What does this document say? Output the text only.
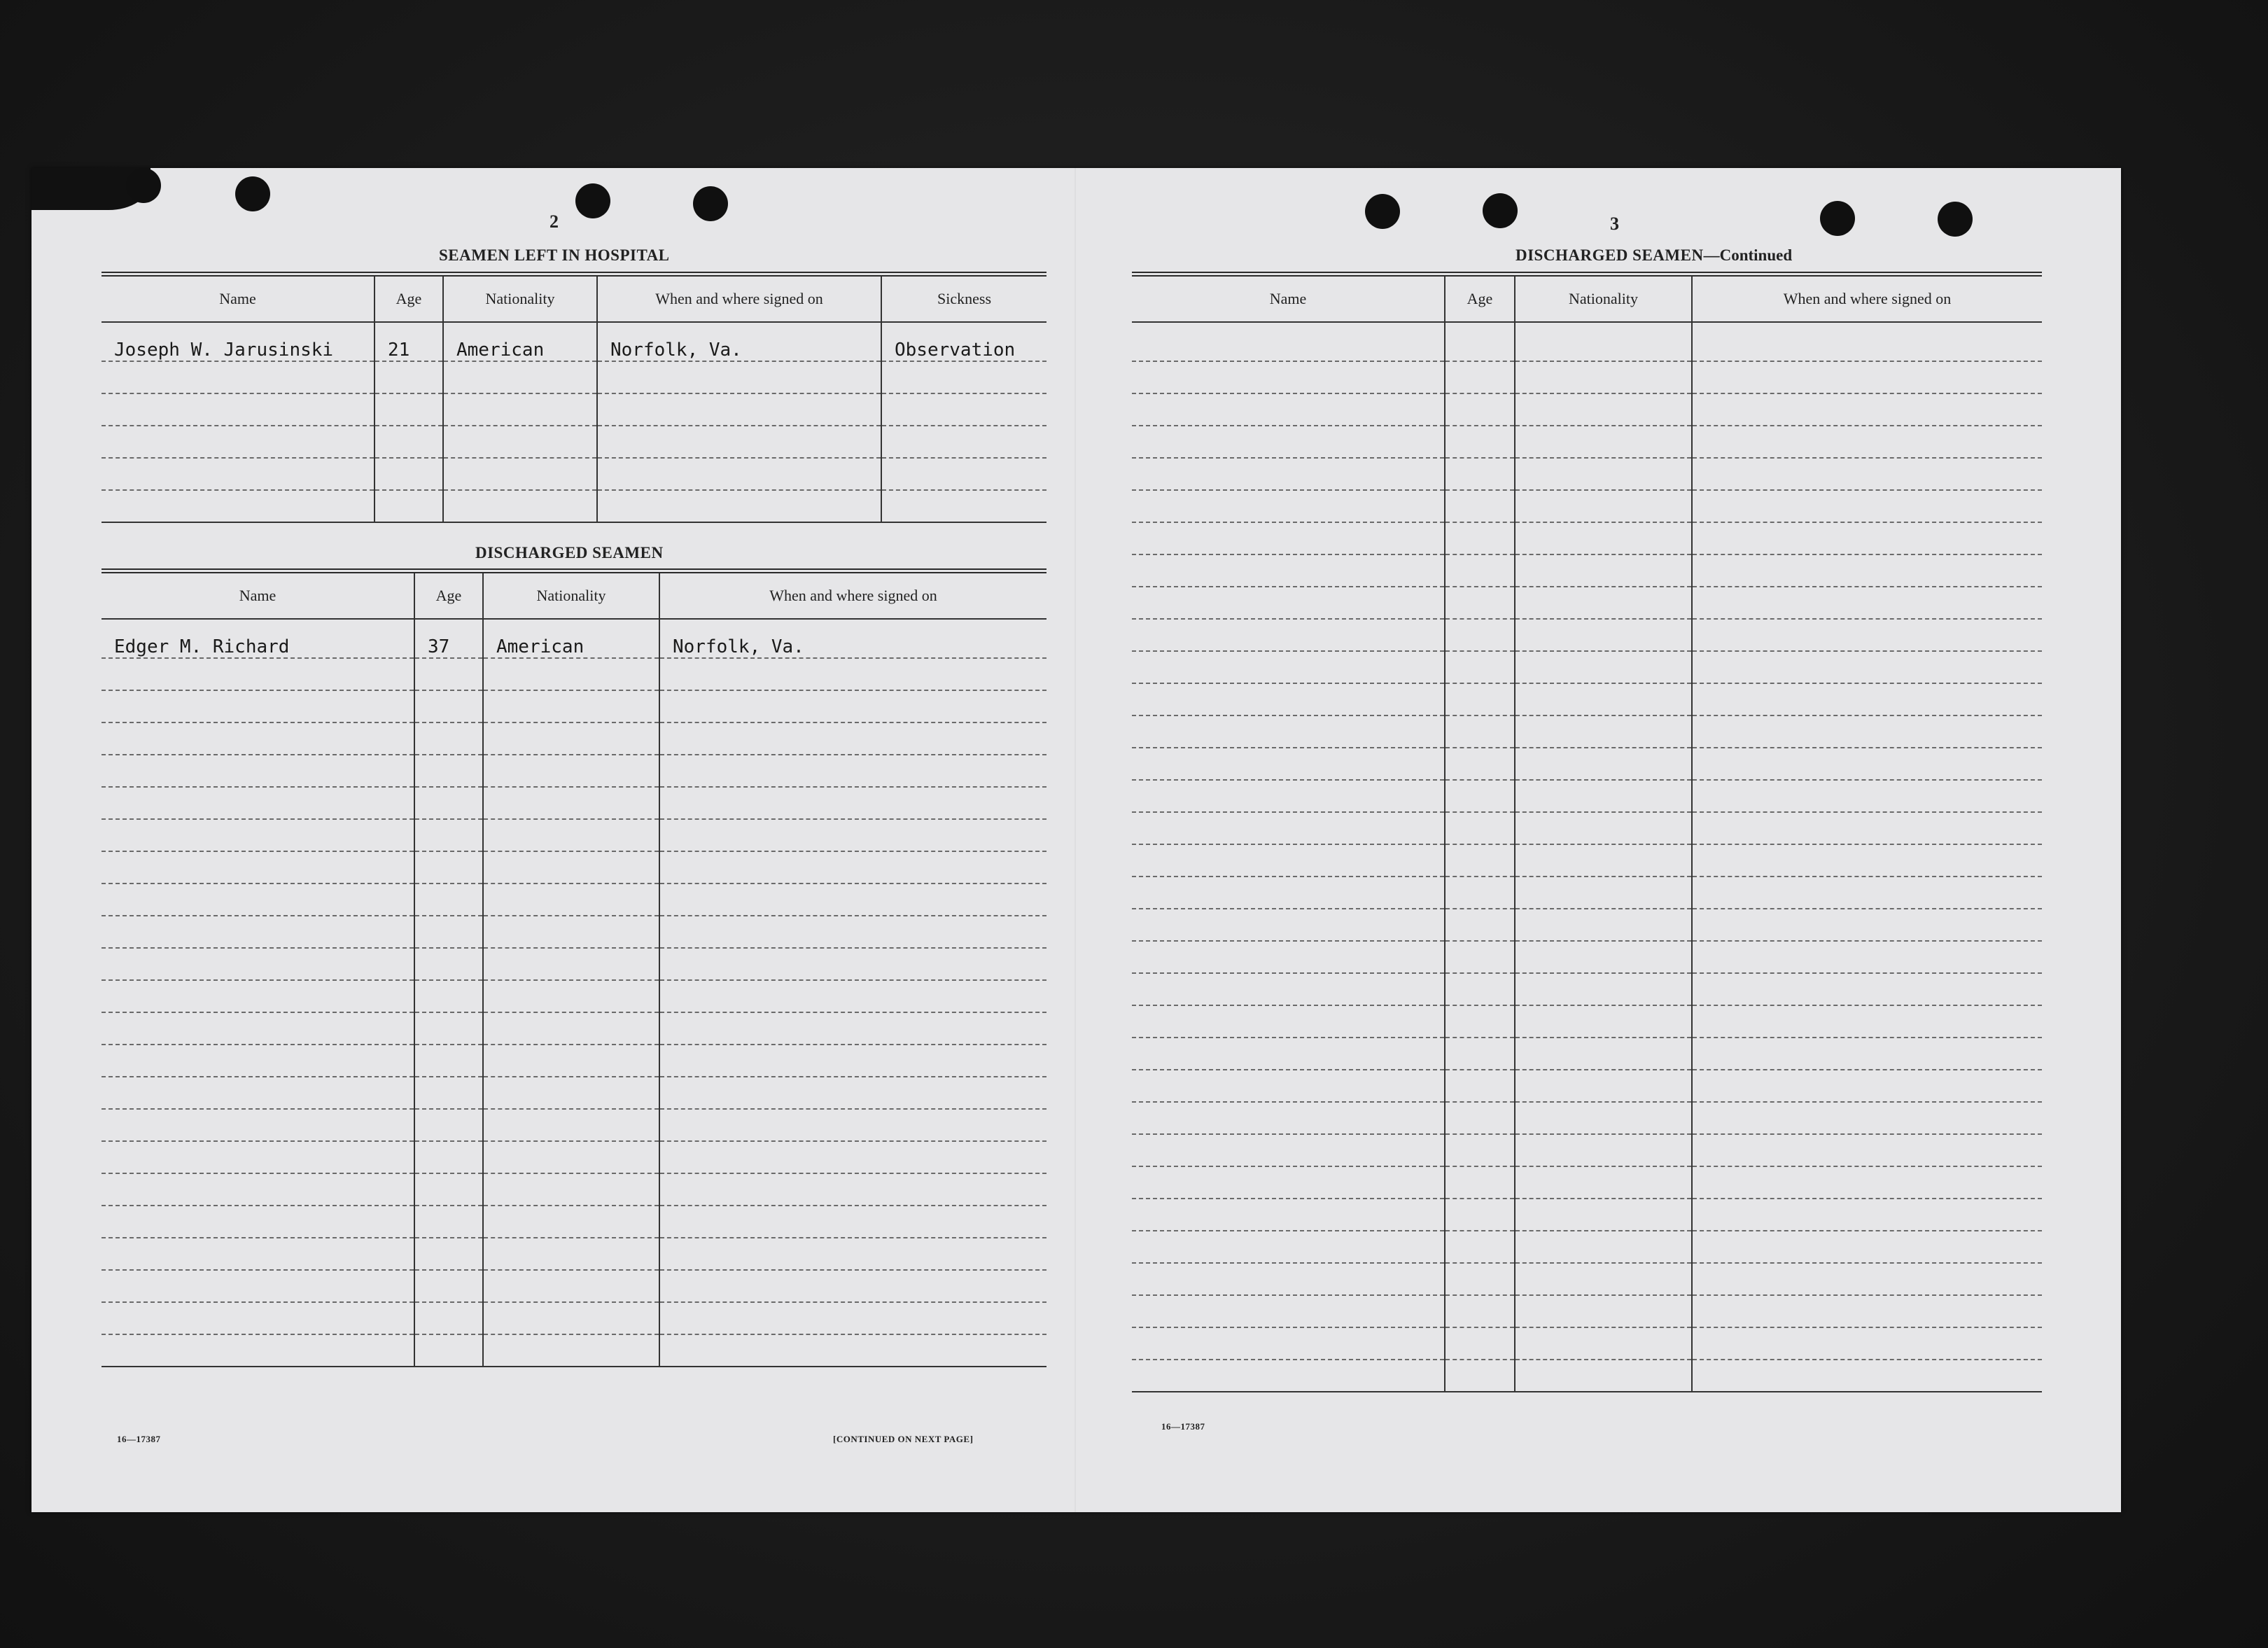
2
SEAMEN LEFT IN HOSPITAL
Name	Age	Nationality	When and where signed on	Sickness
Joseph W. Jarusinski	21	American	Norfolk, Va.	Observation

DISCHARGED SEAMEN
Name	Age	Nationality	When and where signed on
Edger M. Richard	37	American	Norfolk, Va.

16—17387	[CONTINUED ON NEXT PAGE]
3
DISCHARGED SEAMEN—Continued
Name	Age	Nationality	When and where signed on

16—17387
